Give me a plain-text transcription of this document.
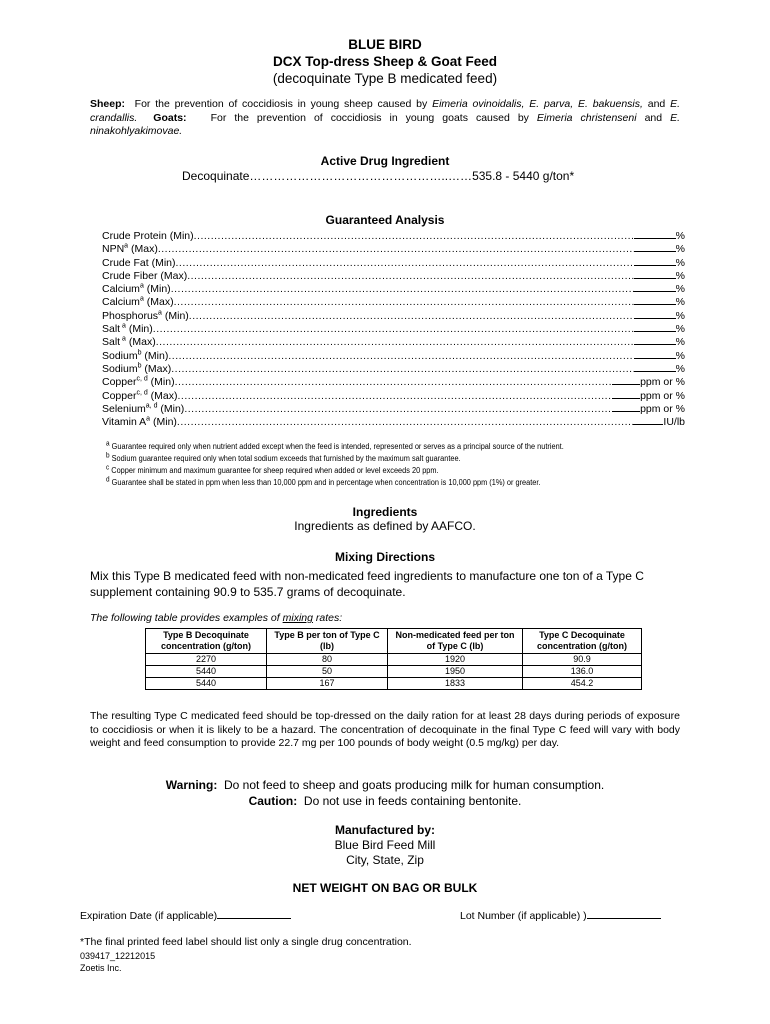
BLUE BIRD
DCX Top-dress Sheep & Goat Feed
(decoquinate Type B medicated feed)
Sheep: For the prevention of coccidiosis in young sheep caused by Eimeria ovinoidalis, E. parva, E. bakuensis, and E. crandallis. Goats: For the prevention of coccidiosis in young goats caused by Eimeria christenseni and E. ninakohlyakimovae.
Active Drug Ingredient
Decoquinate…………………………………………..……535.8 - 5440 g/ton*
Guaranteed Analysis
Crude Protein (Min) .....	%
NPN$^a$ (Max) .....	%
Crude Fat (Min) .....	%
Crude Fiber (Max) .....	%
Calcium$^a$ (Min) .....	%
Calcium$^a$ (Max) .....	%
Phosphorus$^a$ (Min) .....	%
Salt $^a$ (Min) .....	%
Salt $^a$ (Max) .....	%
Sodium$^b$ (Min) .....	%
Sodium$^b$ (Max) .....	%
Copper$^{c, d}$ (Min) .....	ppm or %
Copper$^{c, d}$ (Max) .....	ppm or %
Selenium$^{a, d}$ (Min) .....	ppm or %
Vitamin $A^a$ (Min) .....	IU/lb
$^a$ Guarantee required only when nutrient added except when the feed is intended, represented or serves as a principal source of the nutrient.
$^b$ Sodium guarantee required only when total sodium exceeds that furnished by the maximum salt guarantee.
$^c$ Copper minimum and maximum guarantee for sheep required when added or level exceeds 20 ppm.
$^d$ Guarantee shall be stated in ppm when less than 10,000 ppm and in percentage when concentration is 10,000 ppm (1%) or greater.
Ingredients
Ingredients as defined by AAFCO.
Mixing Directions
Mix this Type B medicated feed with non-medicated feed ingredients to manufacture one ton of a Type C supplement containing 90.9 to 535.7 grams of decoquinate.
The following table provides examples of mixing rates:
Type B Decoquinate concentration (g/ton)	Type B per ton of Type C (lb)	Non-medicated feed per ton of Type C (lb)	Type C Decoquinate concentration (g/ton)
2270	80	1920	90.9
5440	50	1950	136.0
5440	167	1833	454.2
The resulting Type C medicated feed should be top-dressed on the daily ration for at least 28 days during periods of exposure to coccidiosis or when it is likely to be a hazard. The concentration of decoquinate in the final Type C feed will vary with body weight and feed consumption to provide 22.7 mg per 100 pounds of body weight (0.5 mg/kg) per day.
Warning: Do not feed to sheep and goats producing milk for human consumption.
Caution: Do not use in feeds containing bentonite.
Manufactured by:
Blue Bird Feed Mill
City, State, Zip
NET WEIGHT ON BAG OR BULK
Expiration Date (if applicable)	Lot Number (if applicable) )
*The final printed feed label should list only a single drug concentration.
039417_12212015
Zoetis Inc.
